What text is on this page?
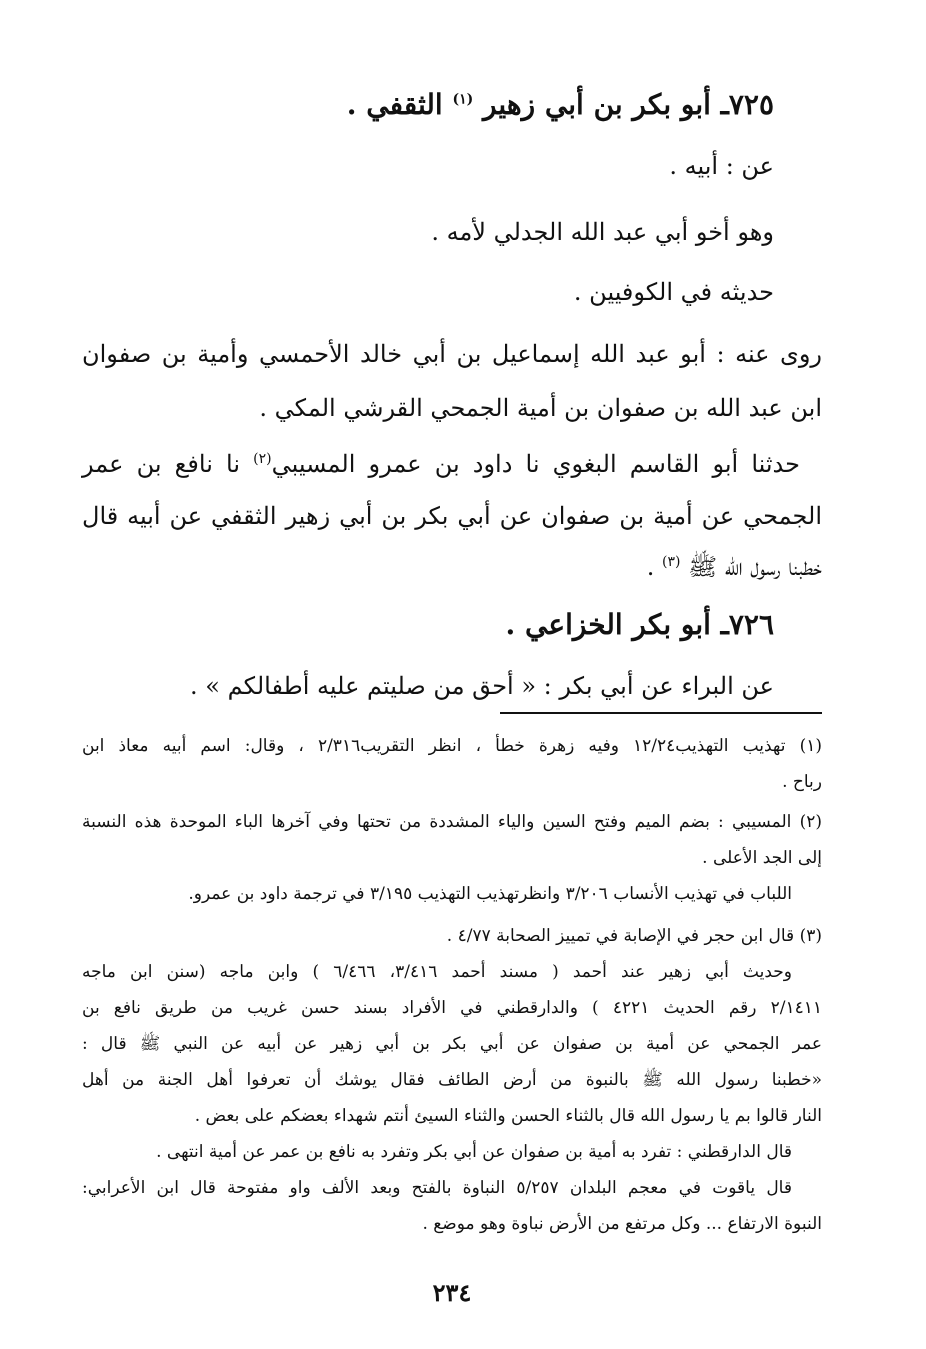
٧٢٥ـ أبو بكر بن أبي زهير $^{(١)}$ الثقفي .
عن : أبيه .
وهو أخو أبي عبد الله الجدلي لأمه .
حديثه في الكوفيين .
روى عنه : أبو عبد الله إسماعيل بن أبي خالد الأحمسي وأمية بن صفوان
ابن عبد الله بن صفوان بن أمية الجمحي القرشي المكي .
حدثنا أبو القاسم البغوي نا داود بن عمرو المسيبي$^{(٢)}$ نا نافع بن عمر
الجمحي عن أمية بن صفوان عن أبي بكر بن أبي زهير الثقفي عن أبيه قال
خطبنا رسول الله ﷺ $^{(٣)}$ .
٧٢٦ـ أبو بكر الخزاعي .
عن البراء عن أبي بكر : « أحق من صليتم عليه أطفالكم » .
(١) تهذيب التهذيب١٢/٢٤ وفيه زهرة خطأ ، انظر التقريب٢/٣١٦ ، وقال: اسم أبيه معاذ ابن
رباح .
(٢) المسيبي : بضم الميم وفتح السين والياء المشددة من تحتها وفي آخرها الباء الموحدة هذه النسبة
إلى الجد الأعلى .
اللباب في تهذيب الأنساب ٣/٢٠٦ وانظرتهذيب التهذيب ٣/١٩٥ في ترجمة داود بن عمرو.
(٣) قال ابن حجر في الإصابة في تمييز الصحابة ٤/٧٧ .
وحديث أبي زهير عند أحمد ( مسند أحمد ٣/٤١٦، ٦/٤٦٦ ) وابن ماجه (سنن ابن ماجه
٢/١٤١١ رقم الحديث ٤٢٢١ ) والدارقطني في الأفراد بسند حسن غريب من طريق نافع بن
عمر الجمحي عن أمية بن صفوان عن أبي بكر بن أبي زهير عن أبيه عن النبي ﷺ قال :
«خطبنا رسول الله ﷺ بالنبوة من أرض الطائف فقال يوشك أن تعرفوا أهل الجنة من أهل
النار قالوا بم يا رسول الله قال بالثناء الحسن والثناء السيئ أنتم شهداء بعضكم على بعض .
قال الدارقطني : تفرد به أمية بن صفوان عن أبي بكر وتفرد به نافع بن عمر عن أمية انتهى .
قال ياقوت في معجم البلدان ٥/٢٥٧ النباوة بالفتح وبعد الألف واو مفتوحة قال ابن الأعرابي:
النبوة الارتفاع ... وكل مرتفع من الأرض نباوة وهو موضع .
٢٣٤
